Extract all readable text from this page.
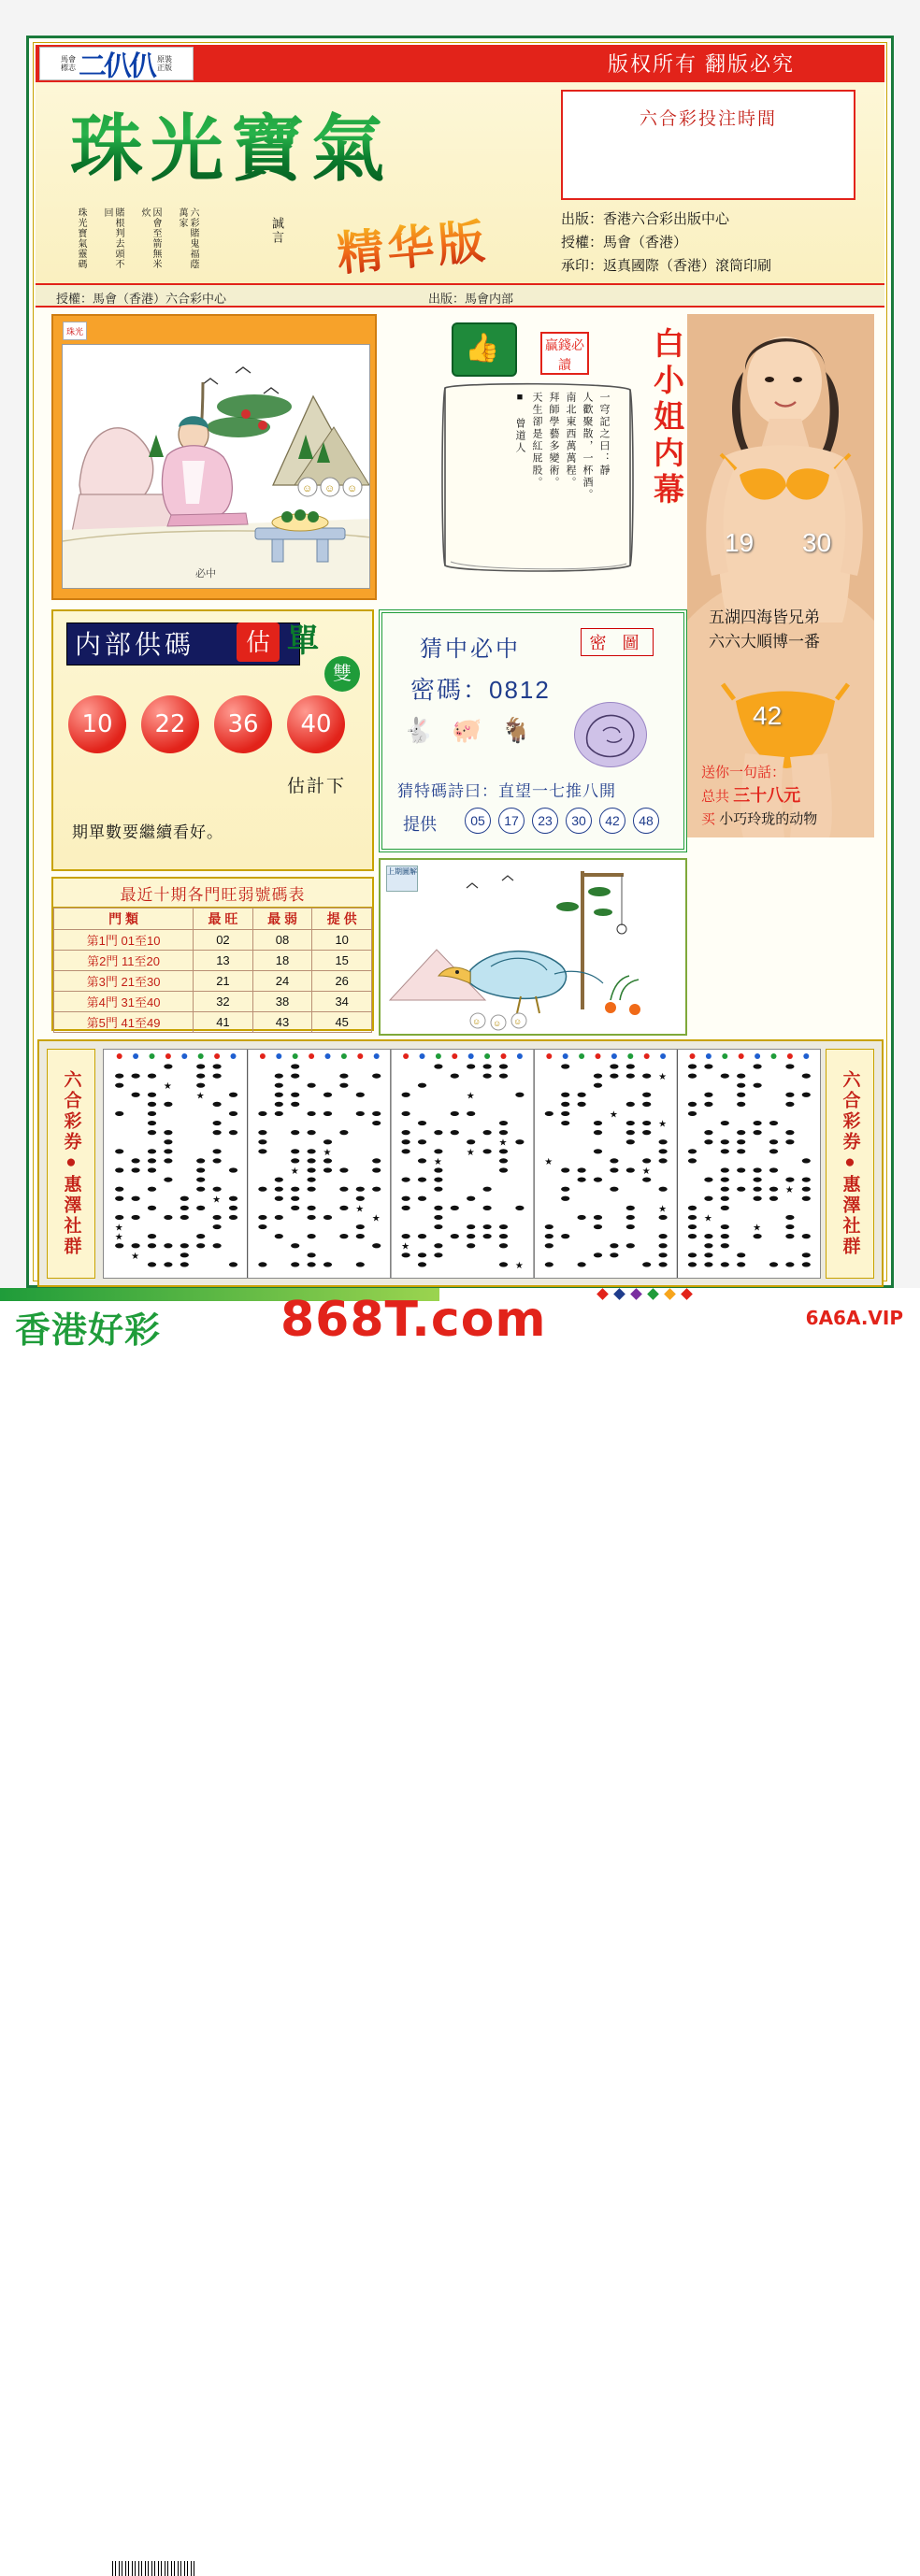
馬會標志 二仈仈 原裝正版	版权所有 翻版必究
珠光寶氣
精华版
珠光寶氣靈碼	賭根判去頭不回	因會至箭無米炊	六彩賭鬼福蔭萬家	誠言
六合彩投注時間
出版：香港六合彩出版中心
授權：馬會（香港）
承印：返真國際（香港）滾筒印刷
授權：馬會（香港）六合彩中心	出版：馬會内部
珠光
☺ ☺ ☺
必中
👍	贏錢必讀
一穹記之曰：靜
人歡聚散，一杯酒。
南北東西萬萬程。
拜師學藝多變術。
天生卻是紅屁股。
■ 曾道人	白小姐内幕
19 30
42
五湖四海皆兄弟
六六大順博一番
送你一句話：
总共 三十八元
买 小巧玲珑的动物
内部供碼	估 單
雙
10	22	36	40
估計下
期單數要繼續看好。
猜中必中	密 圖
密碼：0812
🐇 🐖 🐐
猜特碼詩曰：直望一七推八開
提供	05	17	23	30	42	48
最近十期各門旺弱號碼表
門 類	最 旺	最 弱	提 供
第1門 01至10	02	08	10
第2門 11至20	13	18	15
第3門 21至30	21	24	26
第4門 31至40	32	38	34
第5門 41至49	41	43	45
上期圖解
☺ ☺ ☺
六合彩券●惠澤社群	六合彩券●惠澤社群
★
★
★
★
★
★
★
★
★
★
★
★
★
★
★
★
★
★
★
★
★
★
★
★
★
香港好彩 868T.com	6A6A.VIP
